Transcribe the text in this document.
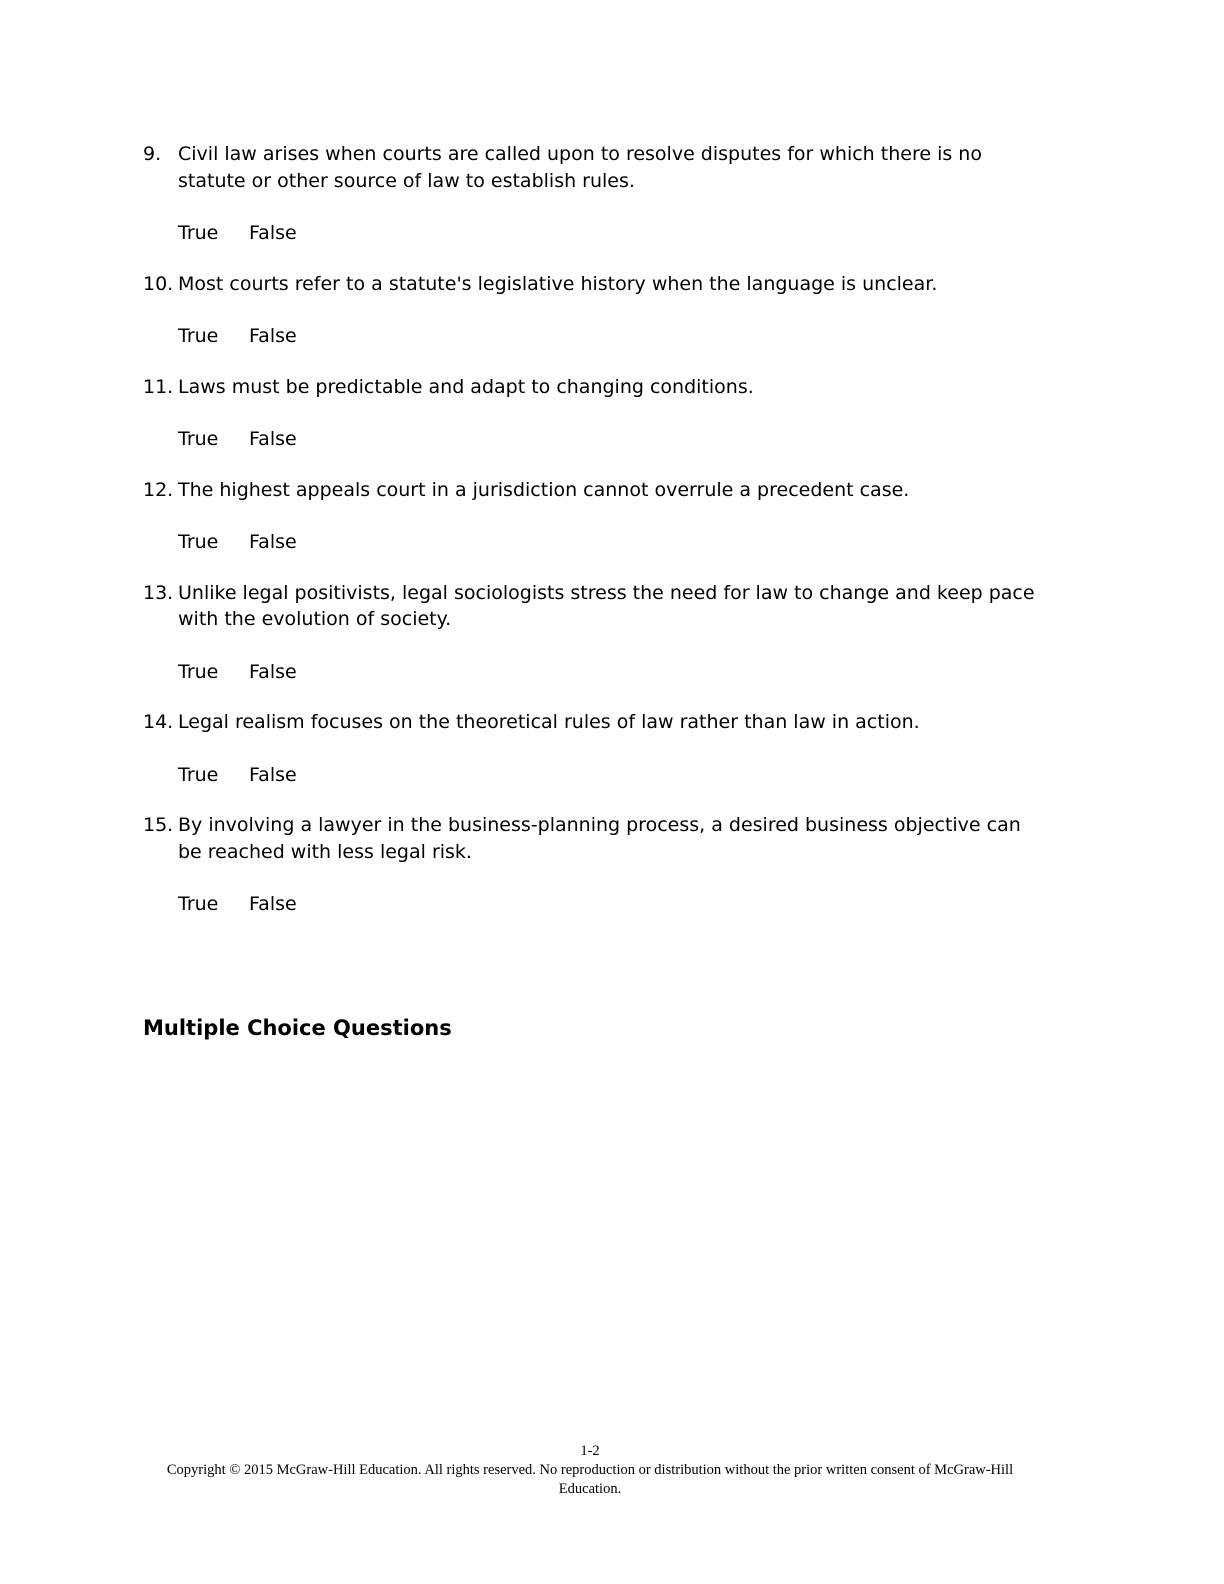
9. Civil law arises when courts are called upon to resolve disputes for which there is no statute or other source of law to establish rules.
True	False
10. Most courts refer to a statute's legislative history when the language is unclear.
True	False
11. Laws must be predictable and adapt to changing conditions.
True	False
12. The highest appeals court in a jurisdiction cannot overrule a precedent case.
True	False
13. Unlike legal positivists, legal sociologists stress the need for law to change and keep pace with the evolution of society.
True	False
14. Legal realism focuses on the theoretical rules of law rather than law in action.
True	False
15. By involving a lawyer in the business-planning process, a desired business objective can be reached with less legal risk.
True	False
Multiple Choice Questions
1-2
Copyright © 2015 McGraw-Hill Education. All rights reserved. No reproduction or distribution without the prior written consent of McGraw-Hill Education.
